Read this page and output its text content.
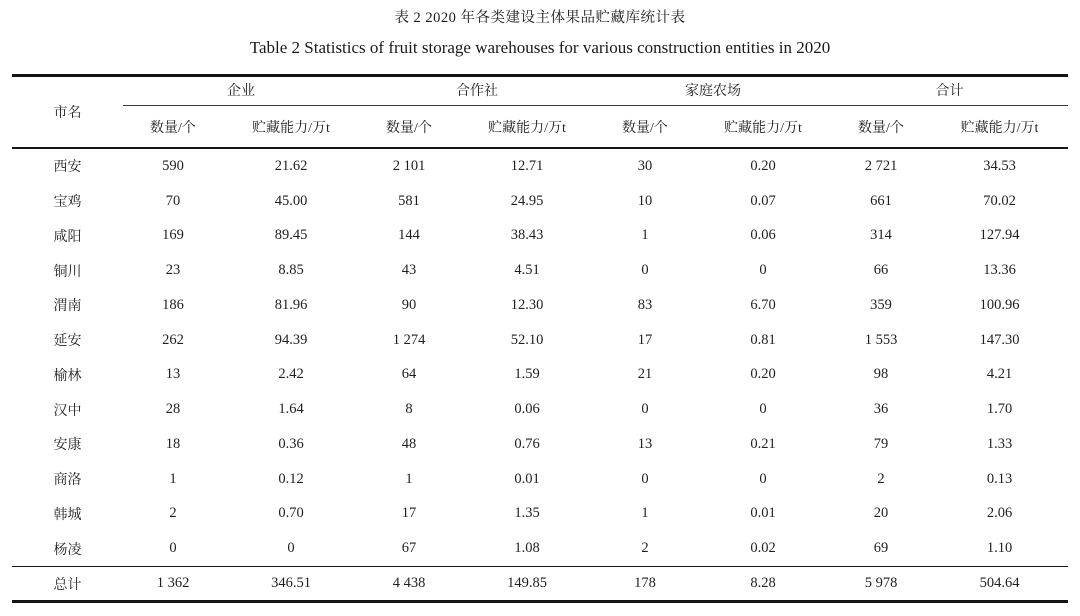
表 2 2020 年各类建设主体果品贮藏库统计表
Table 2 Statistics of fruit storage warehouses for various construction entities in 2020
市名
企业	合作社	家庭农场	合计
数量/个	贮藏能力/万t	数量/个	贮藏能力/万t	数量/个	贮藏能力/万t	数量/个	贮藏能力/万t
西安	590	21.62	2 101	12.71	30	0.20	2 721	34.53
宝鸡	70	45.00	581	24.95	10	0.07	661	70.02
咸阳	169	89.45	144	38.43	1	0.06	314	127.94
铜川	23	8.85	43	4.51	0	0	66	13.36
渭南	186	81.96	90	12.30	83	6.70	359	100.96
延安	262	94.39	1 274	52.10	17	0.81	1 553	147.30
榆林	13	2.42	64	1.59	21	0.20	98	4.21
汉中	28	1.64	8	0.06	0	0	36	1.70
安康	18	0.36	48	0.76	13	0.21	79	1.33
商洛	1	0.12	1	0.01	0	0	2	0.13
韩城	2	0.70	17	1.35	1	0.01	20	2.06
杨凌	0	0	67	1.08	2	0.02	69	1.10
总计	1 362	346.51	4 438	149.85	178	8.28	5 978	504.64
